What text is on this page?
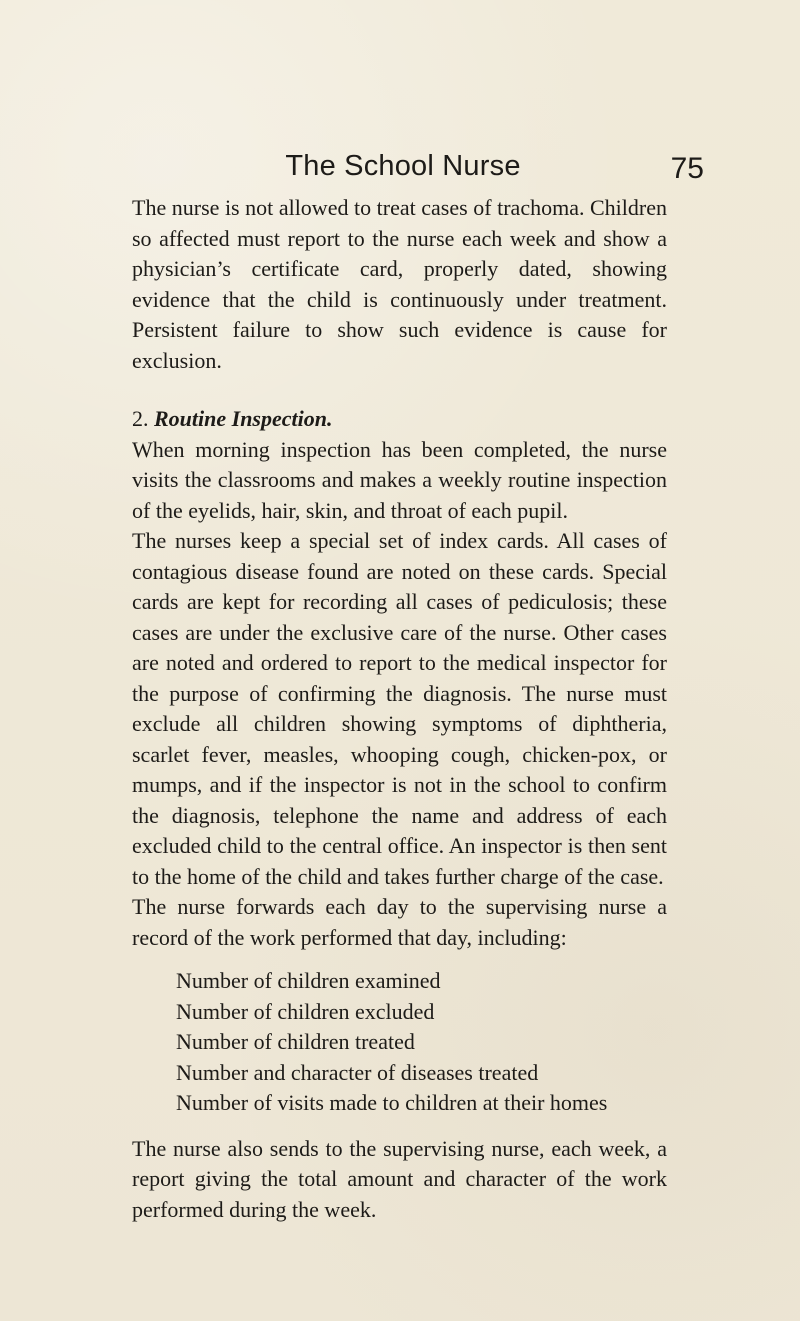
The School Nurse	75

The nurse is not allowed to treat cases of trachoma. Children so affected must report to the nurse each week and show a physician’s certificate card, properly dated, showing evidence that the child is continuously under treatment. Persistent failure to show such evidence is cause for exclusion.

2. Routine Inspection.

When morning inspection has been completed, the nurse visits the classrooms and makes a weekly routine inspection of the eyelids, hair, skin, and throat of each pupil.

The nurses keep a special set of index cards. All cases of contagious disease found are noted on these cards. Special cards are kept for recording all cases of pediculosis; these cases are under the exclusive care of the nurse. Other cases are noted and ordered to report to the medical inspector for the purpose of confirming the diagnosis. The nurse must exclude all children showing symptoms of diphtheria, scarlet fever, measles, whooping cough, chicken-pox, or mumps, and if the inspector is not in the school to confirm the diagnosis, telephone the name and address of each excluded child to the central office. An inspector is then sent to the home of the child and takes further charge of the case.

The nurse forwards each day to the supervising nurse a record of the work performed that day, including:

Number of children examined
Number of children excluded
Number of children treated
Number and character of diseases treated
Number of visits made to children at their homes

The nurse also sends to the supervising nurse, each week, a report giving the total amount and character of the work performed during the week.
